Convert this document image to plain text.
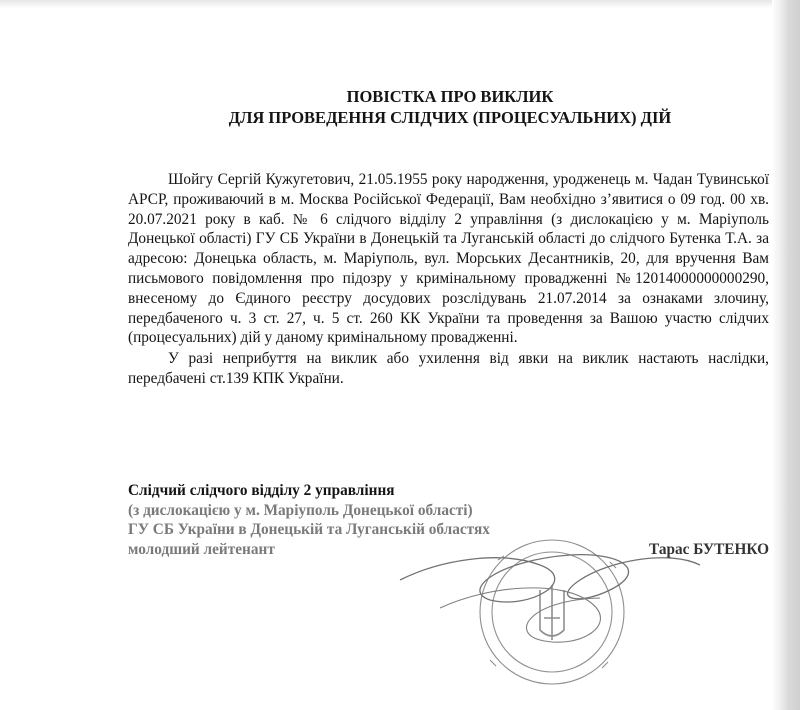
ПОВІСТКА ПРО ВИКЛИК
ДЛЯ ПРОВЕДЕННЯ СЛІДЧИХ (ПРОЦЕСУАЛЬНИХ) ДІЙ

Шойгу Сергій Кужугетович, 21.05.1955 року народження, уродженець м. Чадан Тувинської АРСР, проживаючий в м. Москва Російської Федерації, Вам необхідно з’явитися о 09 год. 00 хв. 20.07.2021 року в каб. № 6 слідчого відділу 2 управління (з дислокацією у м. Маріуполь Донецької області) ГУ СБ України в Донецькій та Луганській області до слідчого Бутенка Т.А. за адресою: Донецька область, м. Маріуполь, вул. Морських Десантників, 20, для вручення Вам письмового повідомлення про підозру у кримінальному провадженні №12014000000000290, внесеному до Єдиного реєстру досудових розслідувань 21.07.2014 за ознаками злочину, передбаченого ч. 3 ст. 27, ч. 5 ст. 260 КК України та проведення за Вашою участю слідчих (процесуальних) дій у даному кримінальному провадженні.

У разі неприбуття на виклик або ухилення від явки на виклик настають наслідки, передбачені ст.139 КПК України.

Слідчий слідчого відділу 2 управління
(з дислокацією у м. Маріуполь Донецької області)
ГУ СБ України в Донецькій та Луганській областях
молодший лейтенант	Тарас БУТЕНКО
